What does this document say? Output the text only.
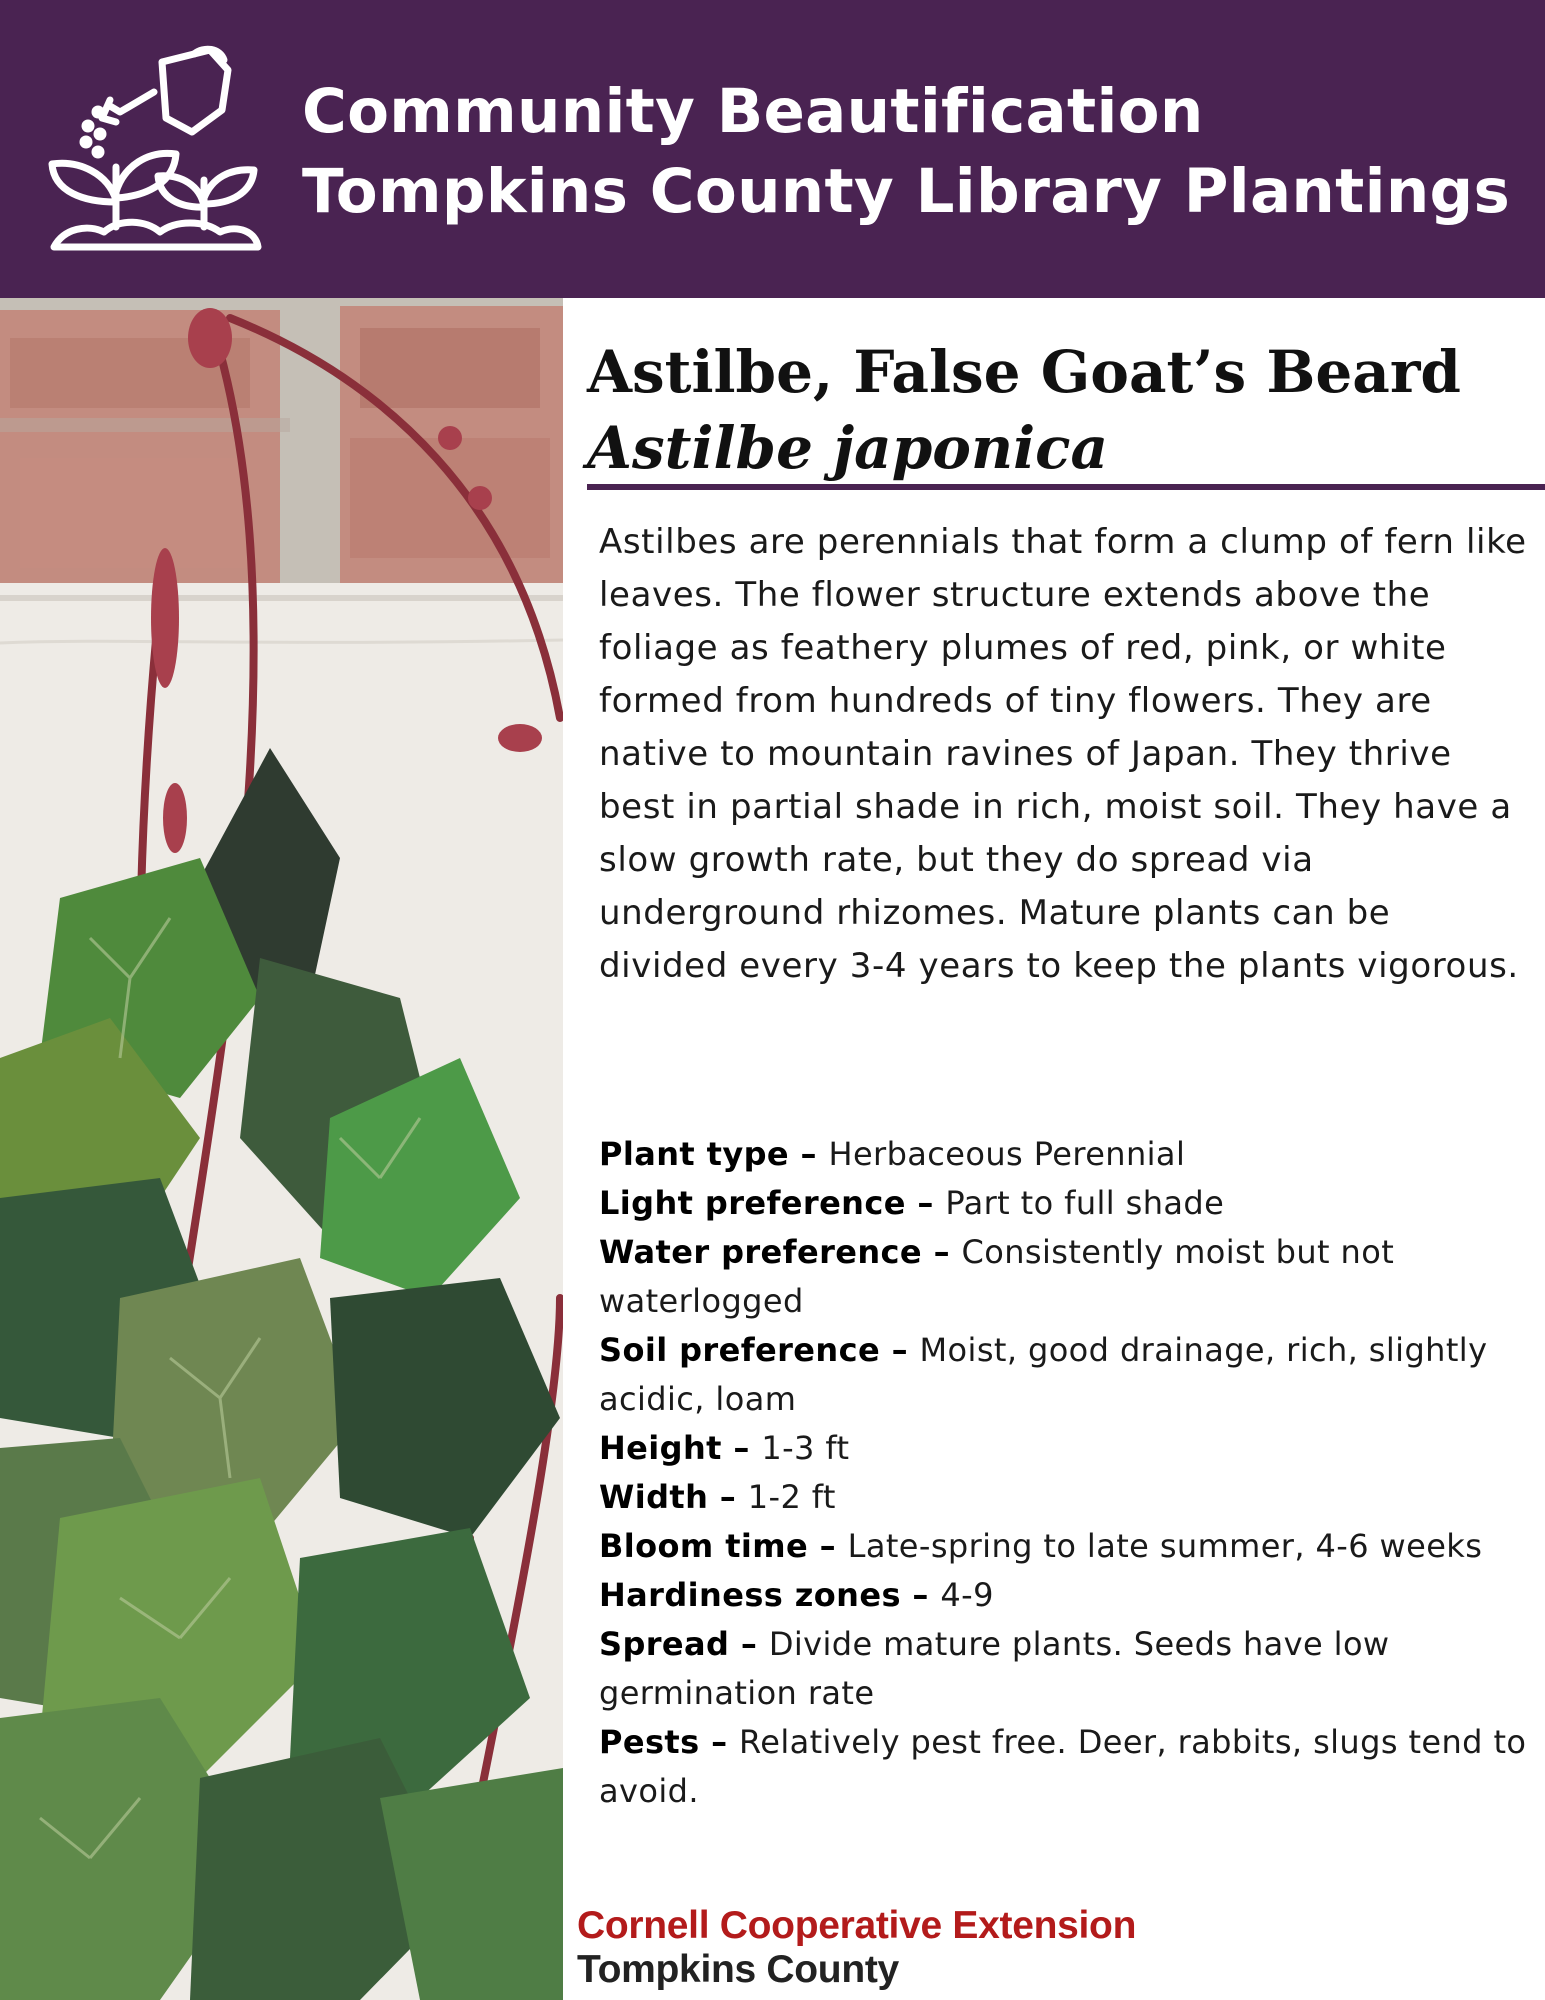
Community Beautification
Tompkins County Library Plantings
Astilbe, False Goat’s Beard
Astilbe japonica

Astilbes are perennials that form a clump of fern like leaves. The flower structure extends above the foliage as feathery plumes of red, pink, or white formed from hundreds of tiny flowers. They are native to mountain ravines of Japan. They thrive best in partial shade in rich, moist soil. They have a slow growth rate, but they do spread via underground rhizomes. Mature plants can be divided every 3-4 years to keep the plants vigorous.

Plant type – Herbaceous Perennial
Light preference – Part to full shade
Water preference – Consistently moist but not waterlogged
Soil preference – Moist, good drainage, rich, slightly acidic, loam
Height – 1-3 ft
Width – 1-2 ft
Bloom time – Late-spring to late summer, 4-6 weeks
Hardiness zones – 4-9
Spread – Divide mature plants. Seeds have low germination rate
Pests – Relatively pest free. Deer, rabbits, slugs tend to avoid.
Cornell Cooperative Extension
Tompkins County
